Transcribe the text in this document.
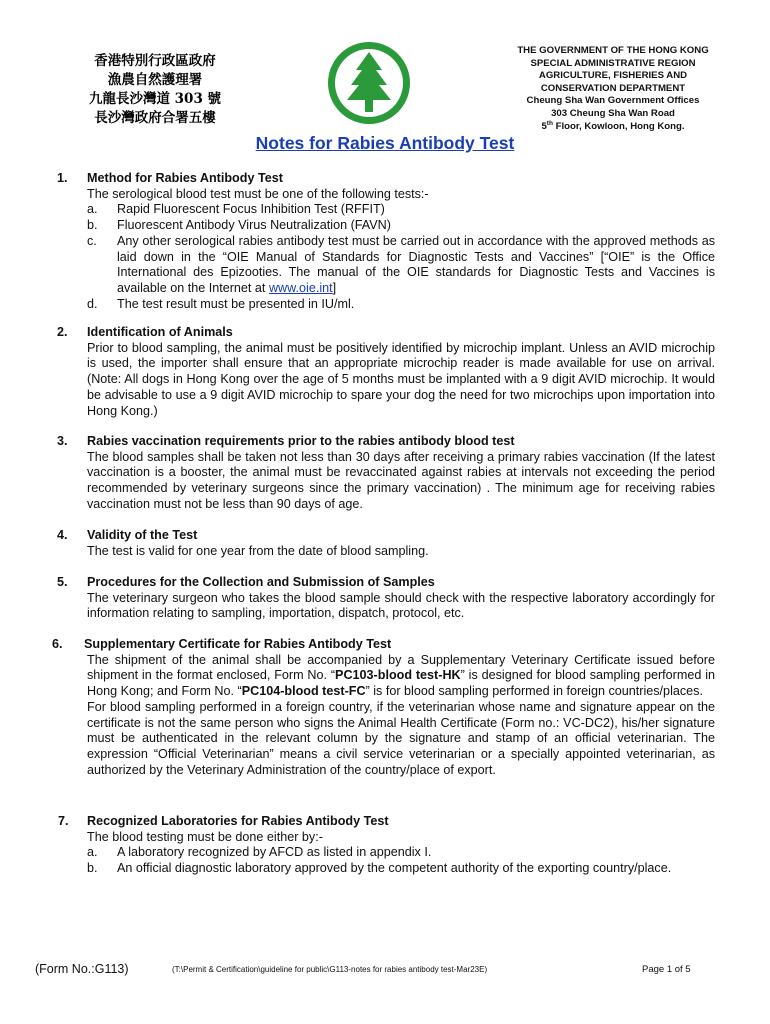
香港特別行政區政府
漁農自然護理署
九龍長沙灣道 303 號
長沙灣政府合署五樓
THE GOVERNMENT OF THE HONG KONG
SPECIAL ADMINISTRATIVE REGION
AGRICULTURE, FISHERIES AND
CONSERVATION DEPARTMENT
Cheung Sha Wan Government Offices
303 Cheung Sha Wan Road
5th Floor, Kowloon, Hong Kong.
Notes for Rabies Antibody Test
1. Method for Rabies Antibody Test
The serological blood test must be one of the following tests:-
a. Rapid Fluorescent Focus Inhibition Test (RFFIT)
b. Fluorescent Antibody Virus Neutralization (FAVN)
c. Any other serological rabies antibody test must be carried out in accordance with the approved methods as laid down in the “OIE Manual of Standards for Diagnostic Tests and Vaccines” [“OIE” is the Office International des Epizooties. The manual of the OIE standards for Diagnostic Tests and Vaccines is available on the Internet at www.oie.int]
d. The test result must be presented in IU/ml.
2. Identification of Animals
Prior to blood sampling, the animal must be positively identified by microchip implant. Unless an AVID microchip is used, the importer shall ensure that an appropriate microchip reader is made available for use on arrival. (Note: All dogs in Hong Kong over the age of 5 months must be implanted with a 9 digit AVID microchip. It would be advisable to use a 9 digit AVID microchip to spare your dog the need for two microchips upon importation into Hong Kong.)
3. Rabies vaccination requirements prior to the rabies antibody blood test
The blood samples shall be taken not less than 30 days after receiving a primary rabies vaccination (If the latest vaccination is a booster, the animal must be revaccinated against rabies at intervals not exceeding the period recommended by veterinary surgeons since the primary vaccination) . The minimum age for receiving rabies vaccination must not be less than 90 days of age.
4. Validity of the Test
The test is valid for one year from the date of blood sampling.
5. Procedures for the Collection and Submission of Samples
The veterinary surgeon who takes the blood sample should check with the respective laboratory accordingly for information relating to sampling, importation, dispatch, protocol, etc.
6. Supplementary Certificate for Rabies Antibody Test
The shipment of the animal shall be accompanied by a Supplementary Veterinary Certificate issued before shipment in the format enclosed, Form No. “PC103-blood test-HK” is designed for blood sampling performed in Hong Kong; and Form No. “PC104-blood test-FC” is for blood sampling performed in foreign countries/places.
For blood sampling performed in a foreign country, if the veterinarian whose name and signature appear on the certificate is not the same person who signs the Animal Health Certificate (Form no.: VC-DC2), his/her signature must be authenticated in the relevant column by the signature and stamp of an official veterinarian. The expression “Official Veterinarian” means a civil service veterinarian or a specially appointed veterinarian, as authorized by the Veterinary Administration of the country/place of export.
7. Recognized Laboratories for Rabies Antibody Test
The blood testing must be done either by:-
a. A laboratory recognized by AFCD as listed in appendix I.
b. An official diagnostic laboratory approved by the competent authority of the exporting country/place.
(Form No.:G113)	(T:\Permit & Certification\guideline for public\G113-notes for rabies antibody test-Mar23E)	Page 1 of 5
